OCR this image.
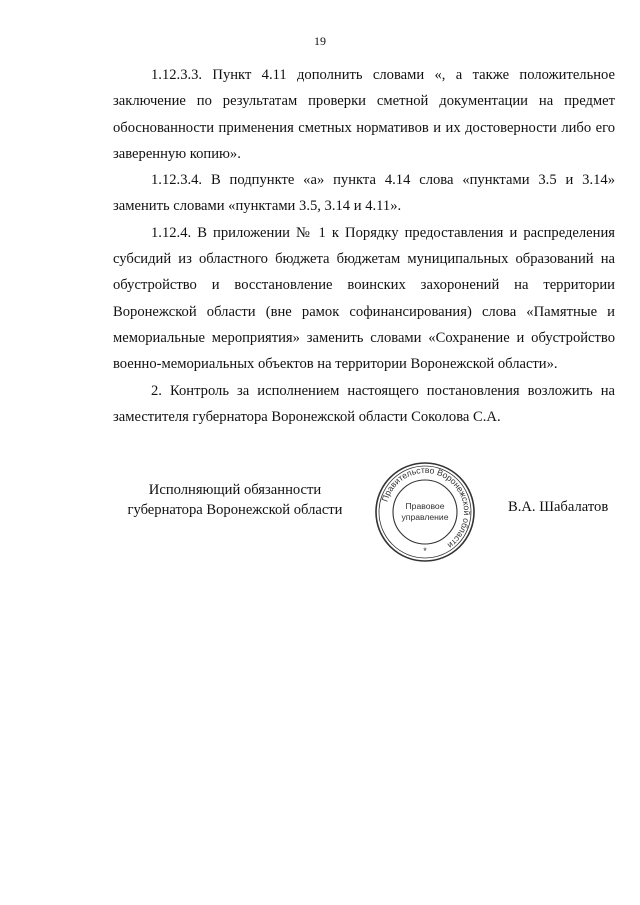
19

1.12.3.3. Пункт 4.11 дополнить словами «, а также положительное заключение по результатам проверки сметной документации на предмет обоснованности применения сметных нормативов и их достоверности либо его заверенную копию».

1.12.3.4. В подпункте «а» пункта 4.14 слова «пунктами 3.5 и 3.14» заменить словами «пунктами 3.5, 3.14 и 4.11».

1.12.4. В приложении № 1 к Порядку предоставления и распределения субсидий из областного бюджета бюджетам муниципальных образований на обустройство и восстановление воинских захоронений на территории Воронежской области (вне рамок софинансирования) слова «Памятные и мемориальные мероприятия» заменить словами «Сохранение и обустройство военно-мемориальных объектов на территории Воронежской области».

2. Контроль за исполнением настоящего постановления возложить на заместителя губернатора Воронежской области Соколова С.А.

Исполняющий обязанности
губернатора Воронежской области
Правительство Воронежской области
Правовое
управление
*
В.А. Шабалатов
